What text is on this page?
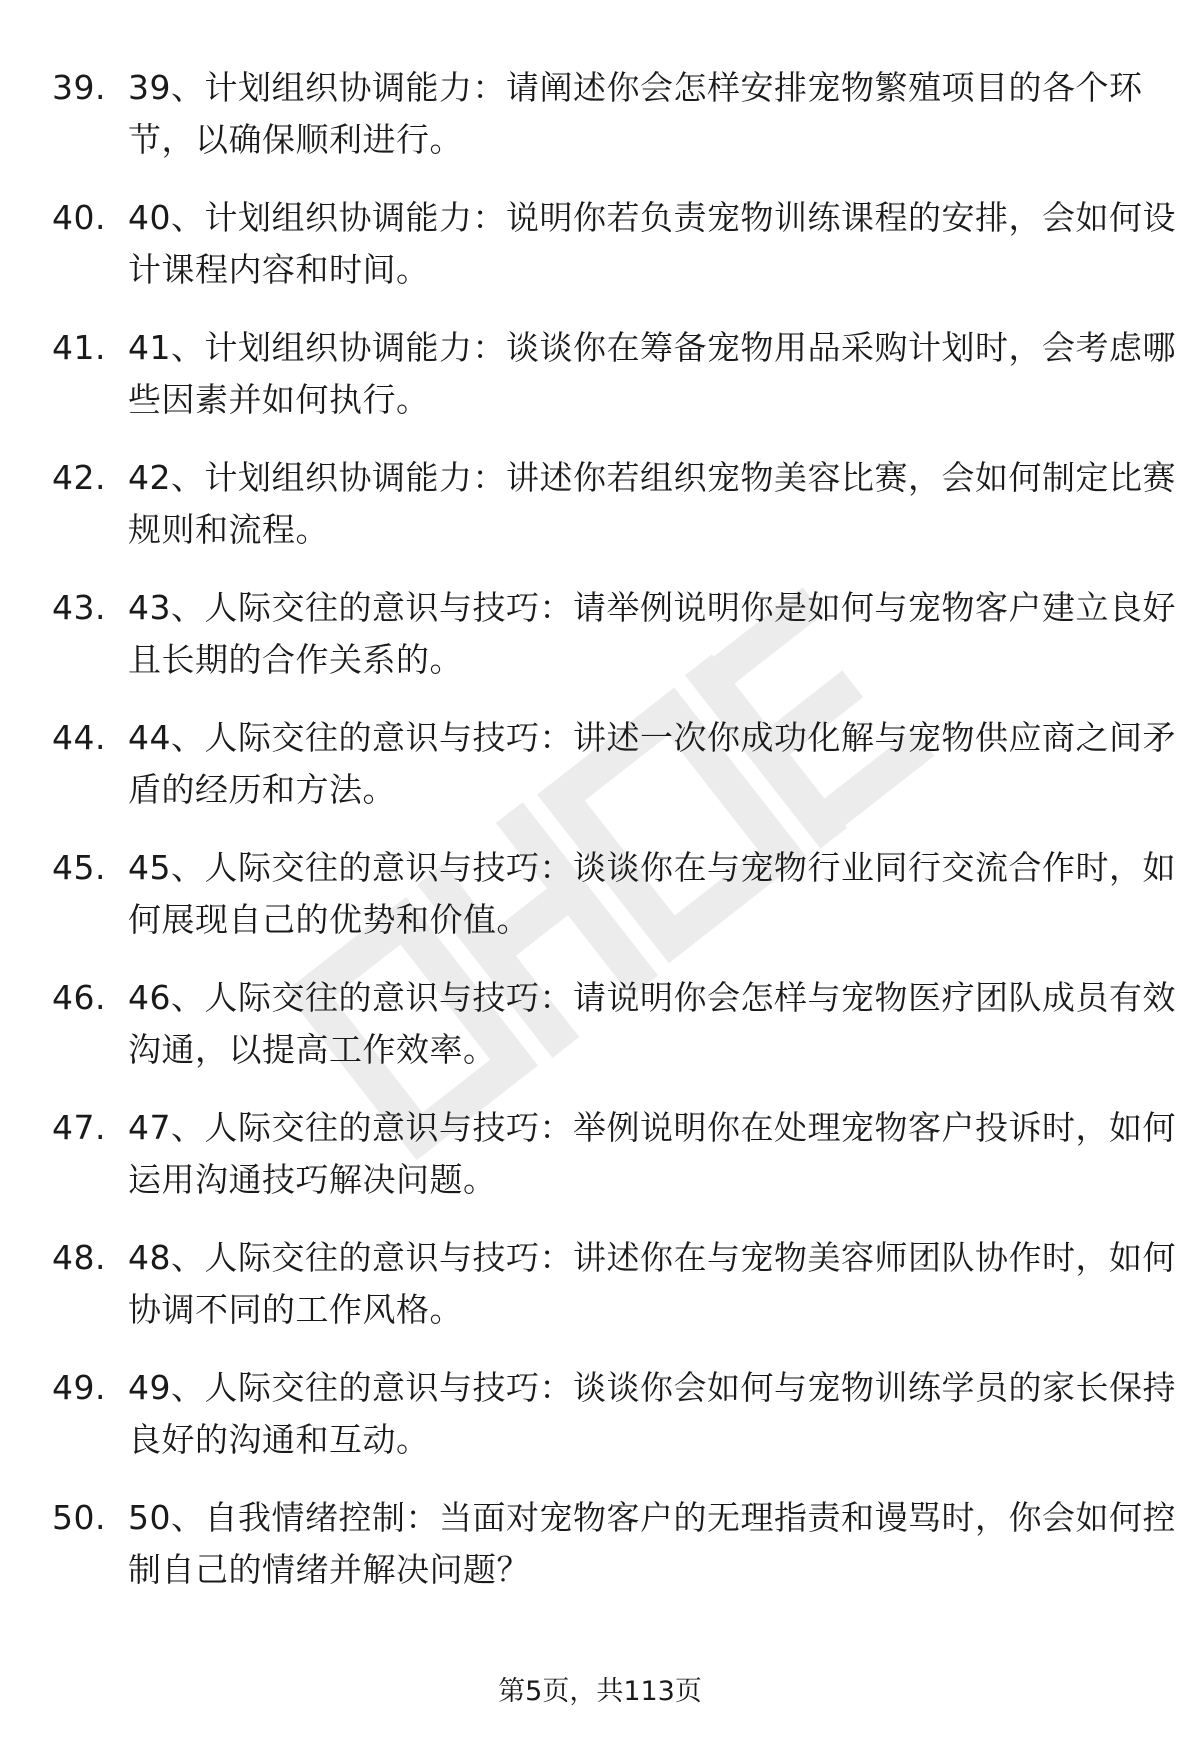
39. 39、计划组织协调能力：请阐述你会怎样安排宠物繁殖项目的各个环节，以确保顺利进行。
40. 40、计划组织协调能力：说明你若负责宠物训练课程的安排，会如何设计课程内容和时间。
41. 41、计划组织协调能力：谈谈你在筹备宠物用品采购计划时，会考虑哪些因素并如何执行。
42. 42、计划组织协调能力：讲述你若组织宠物美容比赛，会如何制定比赛规则和流程。
43. 43、人际交往的意识与技巧：请举例说明你是如何与宠物客户建立良好且长期的合作关系的。
44. 44、人际交往的意识与技巧：讲述一次你成功化解与宠物供应商之间矛盾的经历和方法。
45. 45、人际交往的意识与技巧：谈谈你在与宠物行业同行交流合作时，如何展现自己的优势和价值。
46. 46、人际交往的意识与技巧：请说明你会怎样与宠物医疗团队成员有效沟通，以提高工作效率。
47. 47、人际交往的意识与技巧：举例说明你在处理宠物客户投诉时，如何运用沟通技巧解决问题。
48. 48、人际交往的意识与技巧：讲述你在与宠物美容师团队协作时，如何协调不同的工作风格。
49. 49、人际交往的意识与技巧：谈谈你会如何与宠物训练学员的家长保持良好的沟通和互动。
50. 50、自我情绪控制：当面对宠物客户的无理指责和谩骂时，你会如何控制自己的情绪并解决问题？
第5页，共113页
